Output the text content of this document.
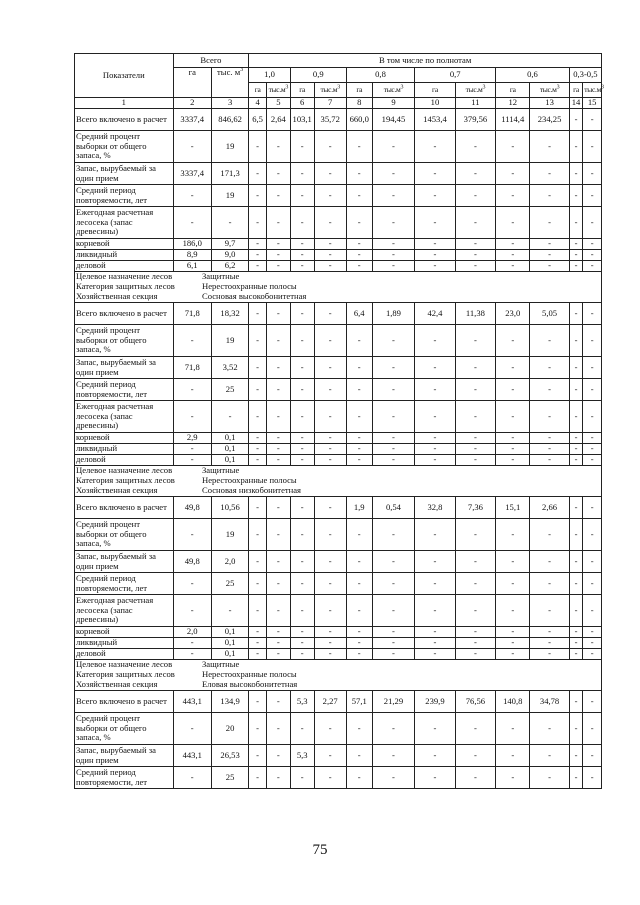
Показатели	Всего		В том числе по полнотам											
	га	тыс. $м^3$	1,0		0,9		0,8		0,7		0,6		0,3-0,5	
			га	$тыс.м^3$	га	$тыс.м^3$	га	$тыс.м^3$	га	$тыс.м^3$	га	$тыс.м^3$	га	$тыс.м^3$
1	2	3	4	5	6	7	8	9	10	11	12	13	14	15
Всего включено в расчет	3337,4	846,62	6,5	2,64	103,1	35,72	660,0	194,45	1453,4	379,56	1114,4	234,25	-	-
Средний процент выборки от общего запаса, %	-	19	-	-	-	-	-	-	-	-	-	-	-	-
Запас, вырубаемый за один прием	3337,4	171,3	-	-	-	-	-	-	-	-	-	-	-	-
Средний период повторяемости, лет	-	19	-	-	-	-	-	-	-	-	-	-	-	-
Ежегодная расчетная лесосека (запас древесины)	-	-	-	-	-	-	-	-	-	-	-	-	-	-
корневой	186,0	9,7	-	-	-	-	-	-	-	-	-	-	-	-
ликвидный	8,9	9,0	-	-	-	-	-	-	-	-	-	-	-	-
деловой	6,1	6,2	-	-	-	-	-	-	-	-	-	-	-	-
Целевое назначение лесов Защитные														
Категория защитных лесов Нерестоохранные полосы														
Хозяйственная секция Сосновая высокобонитетная														
Всего включено в расчет	71,8	18,32	-	-	-	-	6,4	1,89	42,4	11,38	23,0	5,05	-	-
Средний процент выборки от общего запаса, %	-	19	-	-	-	-	-	-	-	-	-	-	-	-
Запас, вырубаемый за один прием	71,8	3,52	-	-	-	-	-	-	-	-	-	-	-	-
Средний период повторяемости, лет	-	25	-	-	-	-	-	-	-	-	-	-	-	-
Ежегодная расчетная лесосека (запас древесины)	-	-	-	-	-	-	-	-	-	-	-	-	-	-
корневой	2,9	0,1	-	-	-	-	-	-	-	-	-	-	-	-
ликвидный	-	0,1	-	-	-	-	-	-	-	-	-	-	-	-
деловой	-	0,1	-	-	-	-	-	-	-	-	-	-	-	-
Целевое назначение лесов Защитные														
Категория защитных лесов Нерестоохранные полосы														
Хозяйственная секция Сосновая низкобонитетная														
Всего включено в расчет	49,8	10,56	-	-	-	-	1,9	0,54	32,8	7,36	15,1	2,66	-	-
Средний процент выборки от общего запаса, %	-	19	-	-	-	-	-	-	-	-	-	-	-	-
Запас, вырубаемый за один прием	49,8	2,0	-	-	-	-	-	-	-	-	-	-	-	-
Средний период повторяемости, лет	-	25	-	-	-	-	-	-	-	-	-	-	-	-
Ежегодная расчетная лесосека (запас древесины)	-	-	-	-	-	-	-	-	-	-	-	-	-	-
корневой	2,0	0,1	-	-	-	-	-	-	-	-	-	-	-	-
ликвидный	-	0,1	-	-	-	-	-	-	-	-	-	-	-	-
деловой	-	0,1	-	-	-	-	-	-	-	-	-	-	-	-
Целевое назначение лесов Защитные														
Категория защитных лесов Нерестоохранные полосы														
Хозяйственная секция Еловая высокобонитетная														
Всего включено в расчет	443,1	134,9	-	-	5,3	2,27	57,1	21,29	239,9	76,56	140,8	34,78	-	-
Средний процент выборки от общего запаса, %	-	20	-	-	-	-	-	-	-	-	-	-	-	-
Запас, вырубаемый за один прием	443,1	26,53	-	-	5,3	-	-	-	-	-	-	-	-	-
Средний период повторяемости, лет	-	25	-	-	-	-	-	-	-	-	-	-	-	-
75
